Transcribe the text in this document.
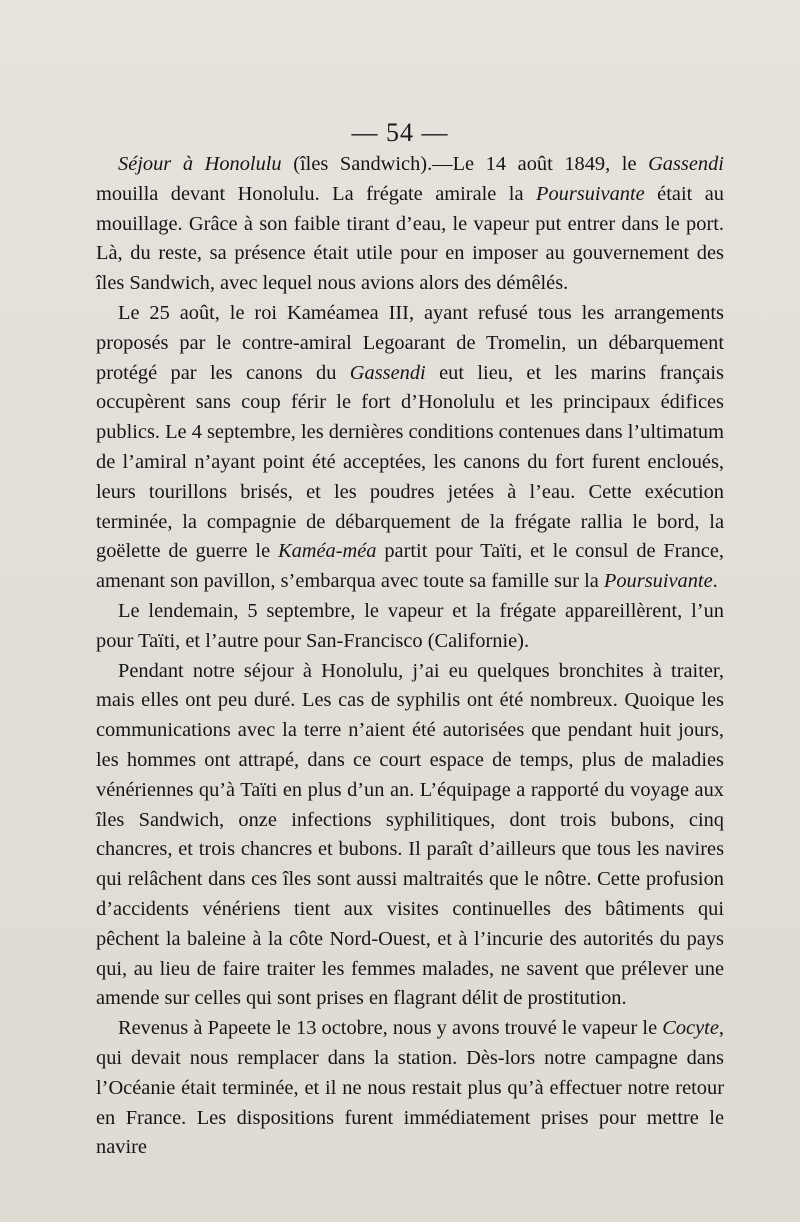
— 54 —

Séjour à Honolulu (îles Sandwich).—Le 14 août 1849, le Gassendi mouilla devant Honolulu. La frégate amirale la Poursuivante était au mouillage. Grâce à son faible tirant d’eau, le vapeur put entrer dans le port. Là, du reste, sa présence était utile pour en imposer au gouvernement des îles Sandwich, avec lequel nous avions alors des démêlés.

Le 25 août, le roi Kaméamea III, ayant refusé tous les arrangements proposés par le contre-amiral Legoarant de Tromelin, un débarquement protégé par les canons du Gassendi eut lieu, et les marins français occupèrent sans coup férir le fort d’Honolulu et les principaux édifices publics. Le 4 septembre, les dernières conditions contenues dans l’ultimatum de l’amiral n’ayant point été acceptées, les canons du fort furent encloués, leurs tourillons brisés, et les poudres jetées à l’eau. Cette exécution terminée, la compagnie de débarquement de la frégate rallia le bord, la goëlette de guerre le Kaméa-méa partit pour Taïti, et le consul de France, amenant son pavillon, s’embarqua avec toute sa famille sur la Poursuivante.

Le lendemain, 5 septembre, le vapeur et la frégate appareillèrent, l’un pour Taïti, et l’autre pour San-Francisco (Californie).

Pendant notre séjour à Honolulu, j’ai eu quelques bronchites à traiter, mais elles ont peu duré. Les cas de syphilis ont été nombreux. Quoique les communications avec la terre n’aient été autorisées que pendant huit jours, les hommes ont attrapé, dans ce court espace de temps, plus de maladies vénériennes qu’à Taïti en plus d’un an. L’équipage a rapporté du voyage aux îles Sandwich, onze infections syphilitiques, dont trois bubons, cinq chancres, et trois chancres et bubons. Il paraît d’ailleurs que tous les navires qui relâchent dans ces îles sont aussi maltraités que le nôtre. Cette profusion d’accidents vénériens tient aux visites continuelles des bâtiments qui pêchent la baleine à la côte Nord-Ouest, et à l’incurie des autorités du pays qui, au lieu de faire traiter les femmes malades, ne savent que prélever une amende sur celles qui sont prises en flagrant délit de prostitution.

Revenus à Papeete le 13 octobre, nous y avons trouvé le vapeur le Cocyte, qui devait nous remplacer dans la station. Dès-lors notre campagne dans l’Océanie était terminée, et il ne nous restait plus qu’à effectuer notre retour en France. Les dispositions furent immédiatement prises pour mettre le navire
